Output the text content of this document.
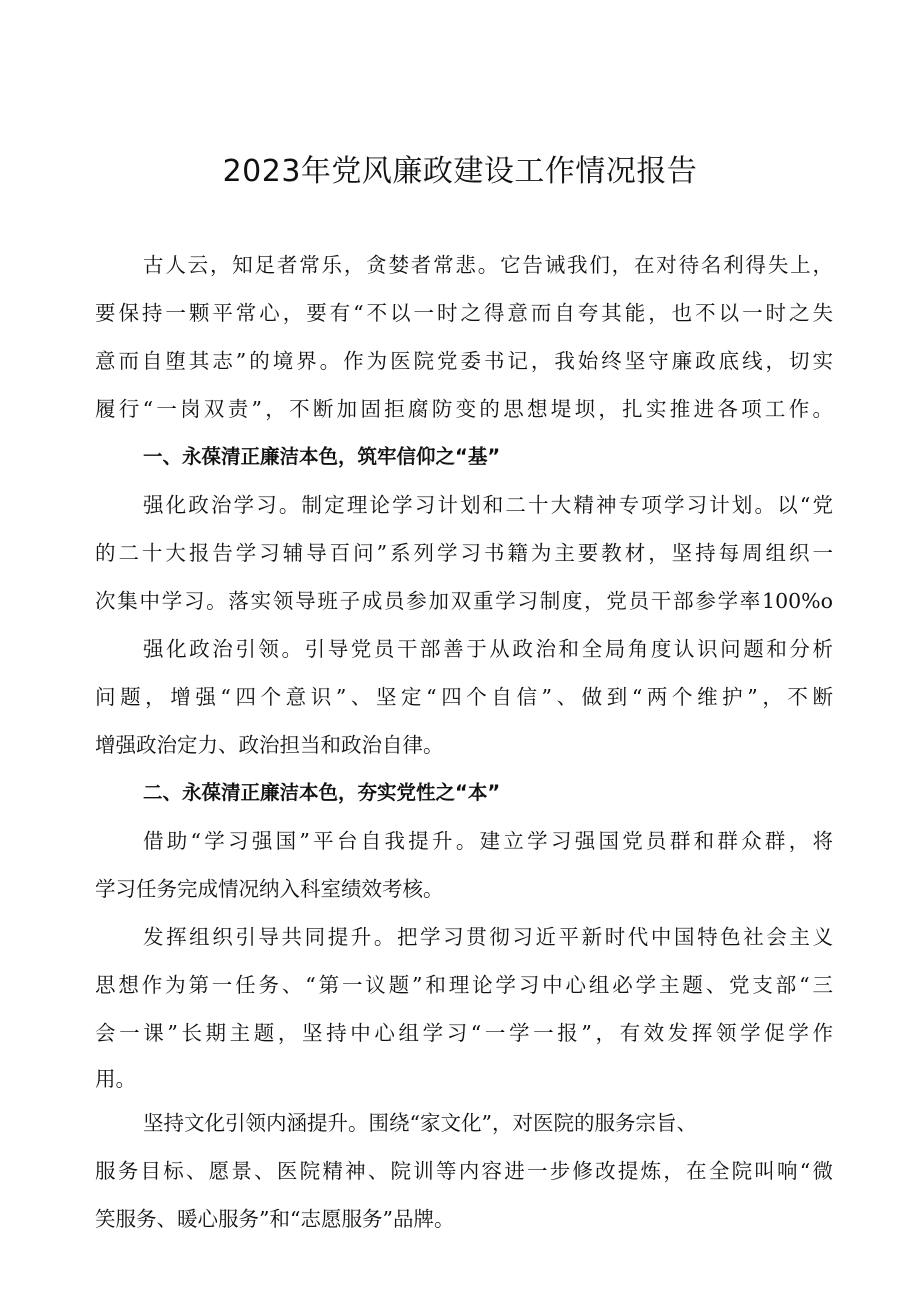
2023年党风廉政建设工作情况报告

古人云，知足者常乐，贪婪者常悲。它告诫我们，在对待名利得失上，

要保持一颗平常心，要有“不以一时之得意而自夸其能，也不以一时之失

意而自堕其志”的境界。作为医院党委书记，我始终坚守廉政底线，切实

履行“一岗双责”，不断加固拒腐防变的思想堤坝，扎实推进各项工作。

一、永葆清正廉洁本色，筑牢信仰之“基”

强化政治学习。制定理论学习计划和二十大精神专项学习计划。以“党

的二十大报告学习辅导百问”系列学习书籍为主要教材，坚持每周组织一

次集中学习。落实领导班子成员参加双重学习制度，党员干部参学率100%o

强化政治引领。引导党员干部善于从政治和全局角度认识问题和分析

问题，增强“四个意识”、坚定“四个自信”、做到“两个维护”，不断

增强政治定力、政治担当和政治自律。

二、永葆清正廉洁本色，夯实党性之“本”

借助“学习强国”平台自我提升。建立学习强国党员群和群众群，将

学习任务完成情况纳入科室绩效考核。

发挥组织引导共同提升。把学习贯彻习近平新时代中国特色社会主义

思想作为第一任务、“第一议题”和理论学习中心组必学主题、党支部“三

会一课”长期主题，坚持中心组学习“一学一报”，有效发挥领学促学作

用。

坚持文化引领内涵提升。围绕“家文化”，对医院的服务宗旨、

服务目标、愿景、医院精神、院训等内容进一步修改提炼，在全院叫响“微

笑服务、暖心服务”和“志愿服务”品牌。
